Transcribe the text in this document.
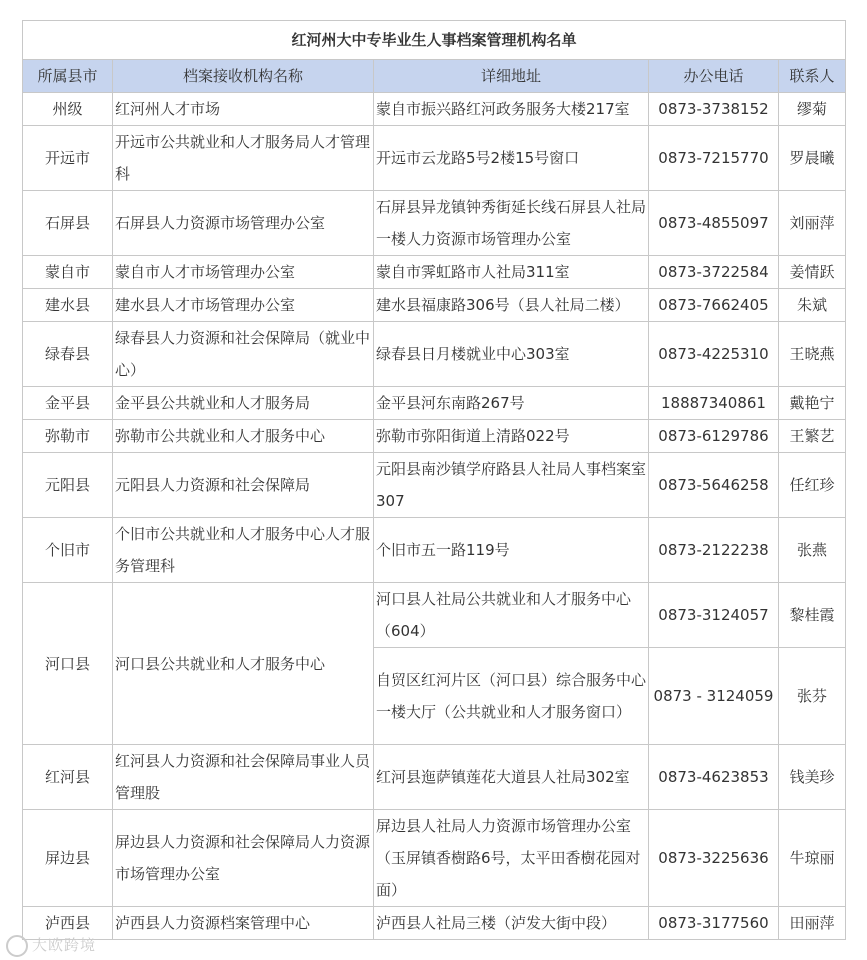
红河州大中专毕业生人事档案管理机构名单				
所属县市	档案接收机构名称	详细地址	办公电话	联系人
州级	红河州人才市场	蒙自市振兴路红河政务服务大楼217室	0873-3738152	缪菊
开远市	开远市公共就业和人才服务局人才管理科	开远市云龙路5号2楼15号窗口	0873-7215770	罗晨曦
石屏县	石屏县人力资源市场管理办公室	石屏县异龙镇钟秀街延长线石屏县人社局一楼人力资源市场管理办公室	0873-4855097	刘丽萍
蒙自市	蒙自市人才市场管理办公室	蒙自市霁虹路市人社局311室	0873-3722584	姜情跃
建水县	建水县人才市场管理办公室	建水县福康路306号（县人社局二楼）	0873-7662405	朱斌
绿春县	绿春县人力资源和社会保障局（就业中心）	绿春县日月楼就业中心303室	0873-4225310	王晓燕
金平县	金平县公共就业和人才服务局	金平县河东南路267号	18887340861	戴艳宁
弥勒市	弥勒市公共就业和人才服务中心	弥勒市弥阳街道上清路022号	0873-6129786	王繁艺
元阳县	元阳县人力资源和社会保障局	元阳县南沙镇学府路县人社局人事档案室307	0873-5646258	任红珍
个旧市	个旧市公共就业和人才服务中心人才服务管理科	个旧市五一路119号	0873-2122238	张燕
河口县	河口县公共就业和人才服务中心	河口县人社局公共就业和人才服务中心（604）	0873-3124057	黎桂霞
		自贸区红河片区（河口县）综合服务中心一楼大厅（公共就业和人才服务窗口）	0873 - 3124059	张芬
红河县	红河县人力资源和社会保障局事业人员管理股	红河县迤萨镇莲花大道县人社局302室	0873-4623853	钱美珍
屏边县	屏边县人力资源和社会保障局人力资源市场管理办公室	屏边县人社局人力资源市场管理办公室（玉屏镇香樹路6号，太平田香樹花园对面）	0873-3225636	牛琼丽
泸西县	泸西县人力资源档案管理中心	泸西县人社局三楼（泸发大街中段）	0873-3177560	田丽萍
大欧跨境
